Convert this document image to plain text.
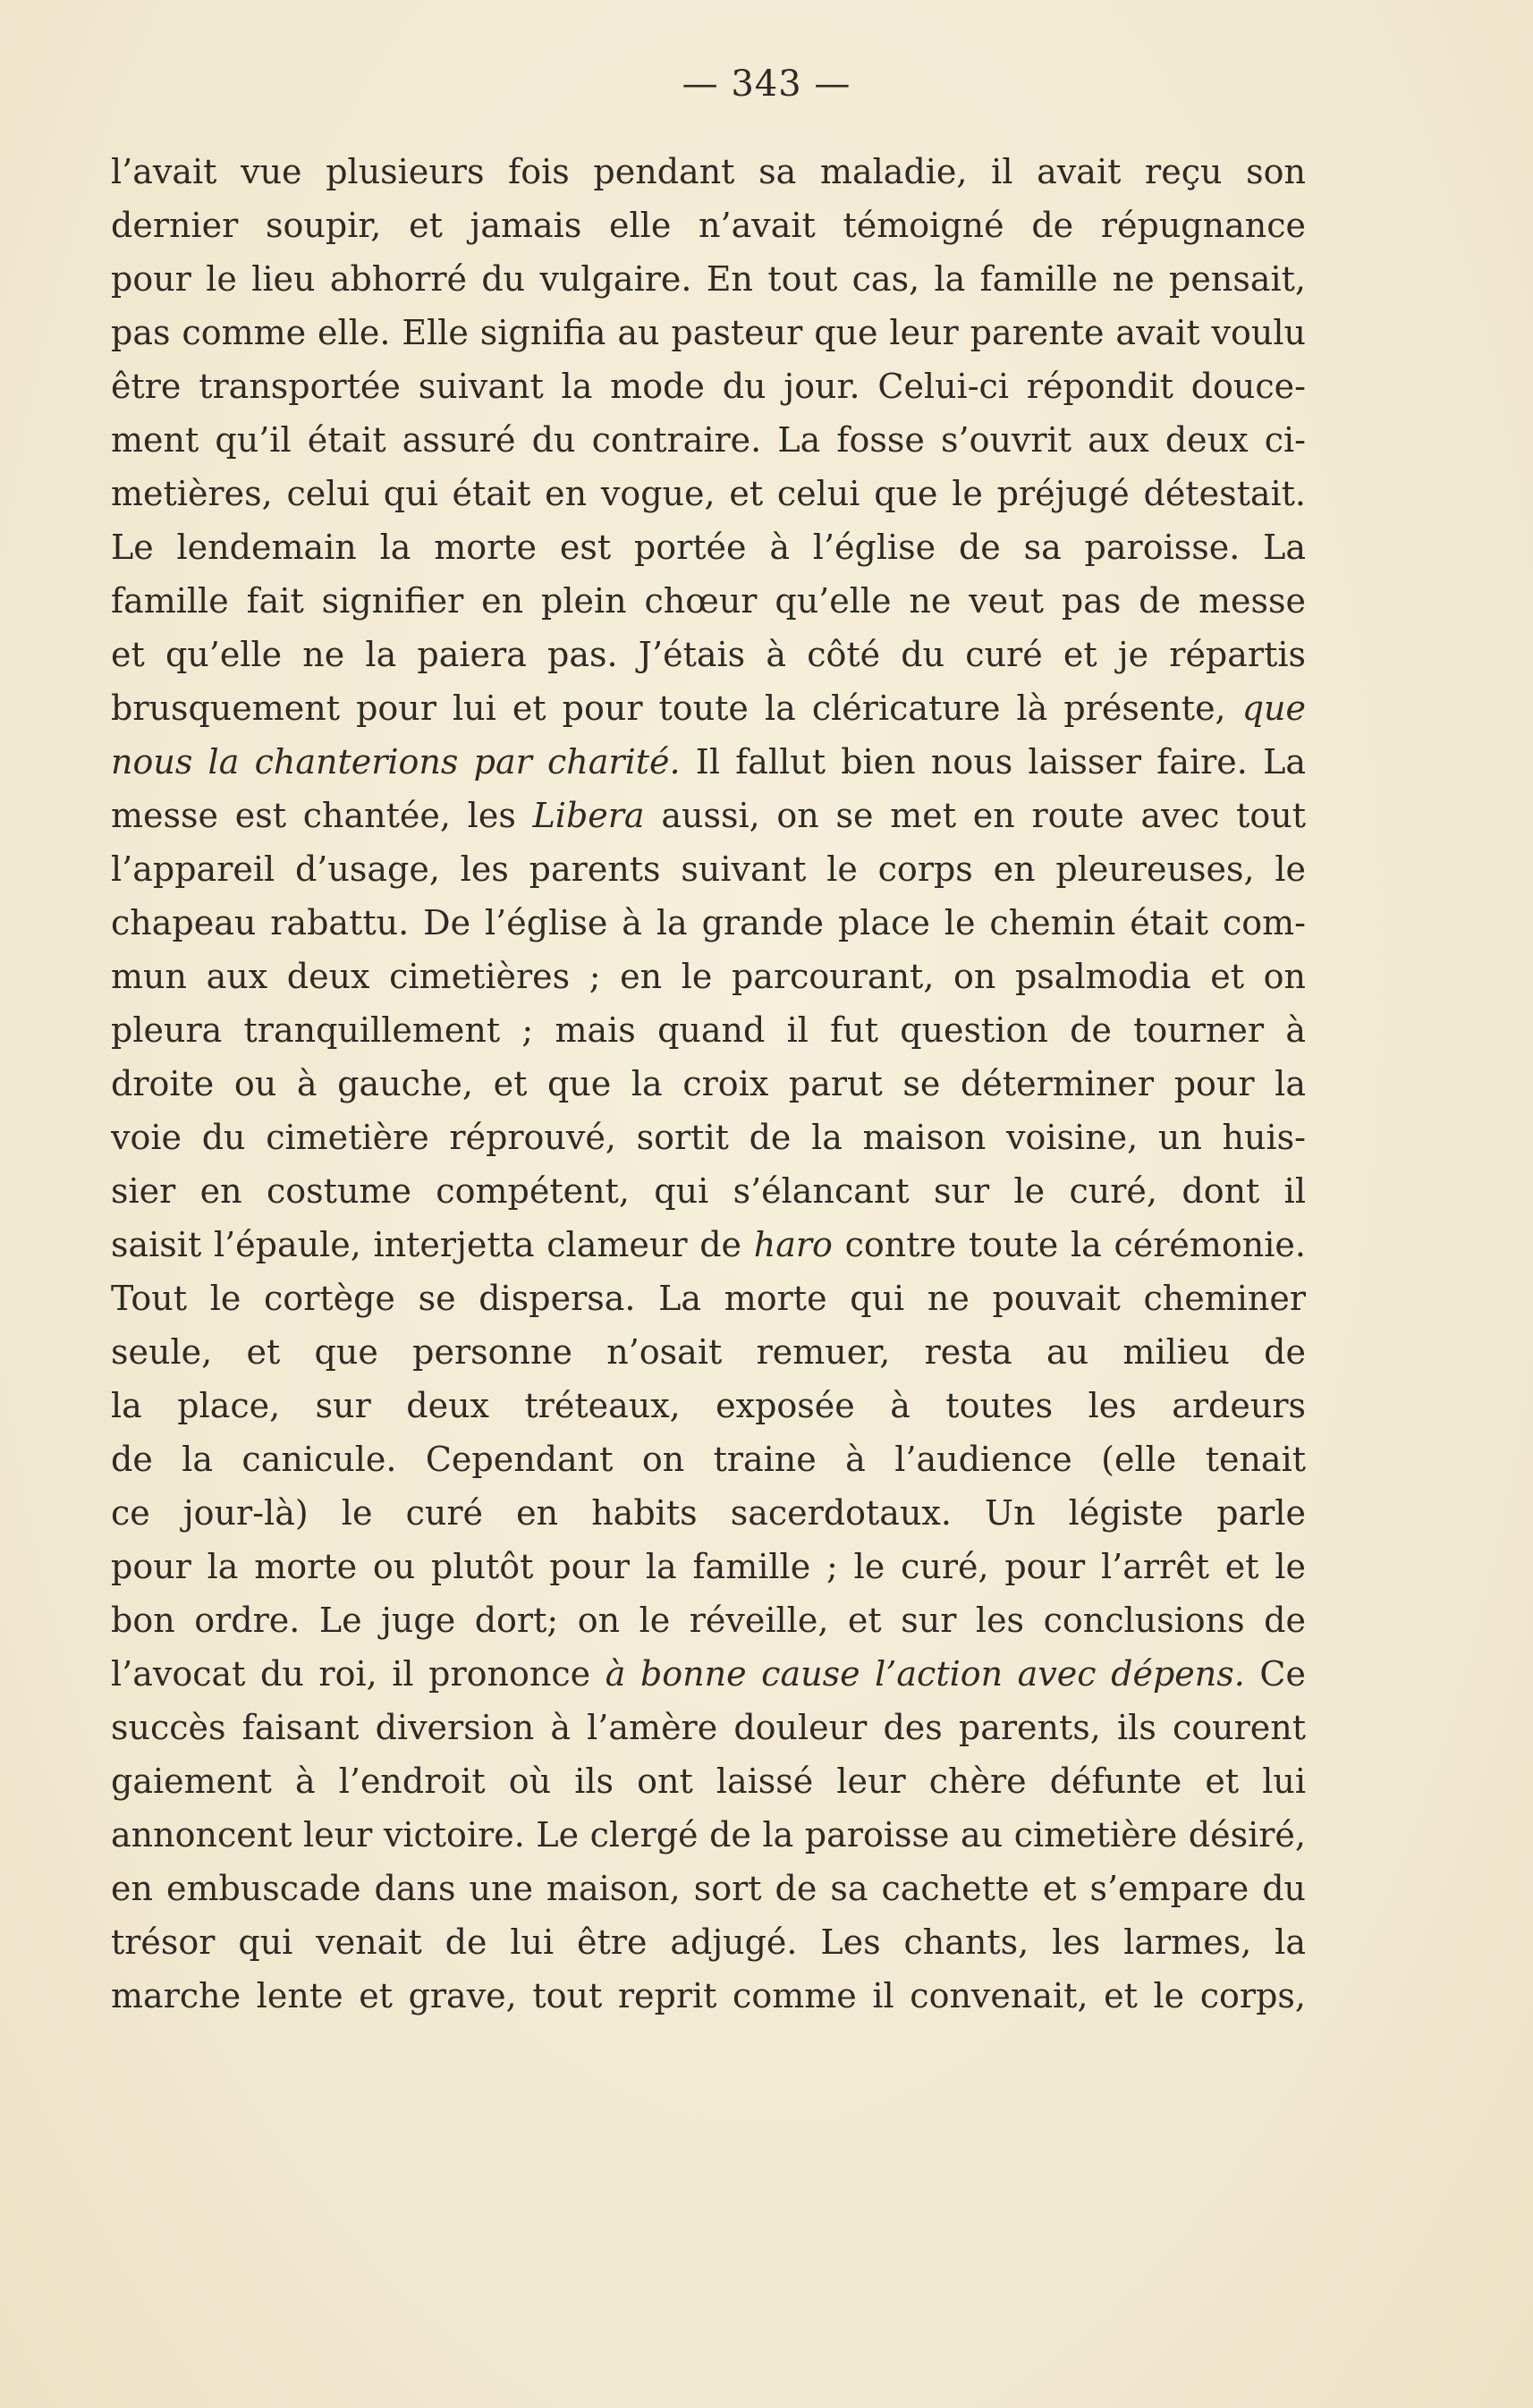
— 343 —
l’avait vue plusieurs fois pendant sa maladie, il avait reçu son
dernier soupir, et jamais elle n’avait témoigné de répugnance
pour le lieu abhorré du vulgaire. En tout cas, la famille ne pensait,
pas comme elle. Elle signifia au pasteur que leur parente avait voulu
être transportée suivant la mode du jour. Celui-ci répondit douce-
ment qu’il était assuré du contraire. La fosse s’ouvrit aux deux ci-
metières, celui qui était en vogue, et celui que le préjugé détestait.
Le lendemain la morte est portée à l’église de sa paroisse. La
famille fait signifier en plein chœur qu’elle ne veut pas de messe
et qu’elle ne la paiera pas. J’étais à côté du curé et je répartis
brusquement pour lui et pour toute la cléricature là présente, que
nous la chanterions par charité. Il fallut bien nous laisser faire. La
messe est chantée, les Libera aussi, on se met en route avec tout
l’appareil d’usage, les parents suivant le corps en pleureuses, le
chapeau rabattu. De l’église à la grande place le chemin était com-
mun aux deux cimetières ; en le parcourant, on psalmodia et on
pleura tranquillement ; mais quand il fut question de tourner à
droite ou à gauche, et que la croix parut se déterminer pour la
voie du cimetière réprouvé, sortit de la maison voisine, un huis-
sier en costume compétent, qui s’élancant sur le curé, dont il
saisit l’épaule, interjetta clameur de haro contre toute la cérémonie.
Tout le cortège se dispersa. La morte qui ne pouvait cheminer
seule, et que personne n’osait remuer, resta au milieu de
la place, sur deux tréteaux, exposée à toutes les ardeurs
de la canicule. Cependant on traine à l’audience (elle tenait
ce jour-là) le curé en habits sacerdotaux. Un légiste parle
pour la morte ou plutôt pour la famille ; le curé, pour l’arrêt et le
bon ordre. Le juge dort; on le réveille, et sur les conclusions de
l’avocat du roi, il prononce à bonne cause l’action avec dépens. Ce
succès faisant diversion à l’amère douleur des parents, ils courent
gaiement à l’endroit où ils ont laissé leur chère défunte et lui
annoncent leur victoire. Le clergé de la paroisse au cimetière désiré,
en embuscade dans une maison, sort de sa cachette et s’empare du
trésor qui venait de lui être adjugé. Les chants, les larmes, la
marche lente et grave, tout reprit comme il convenait, et le corps,
